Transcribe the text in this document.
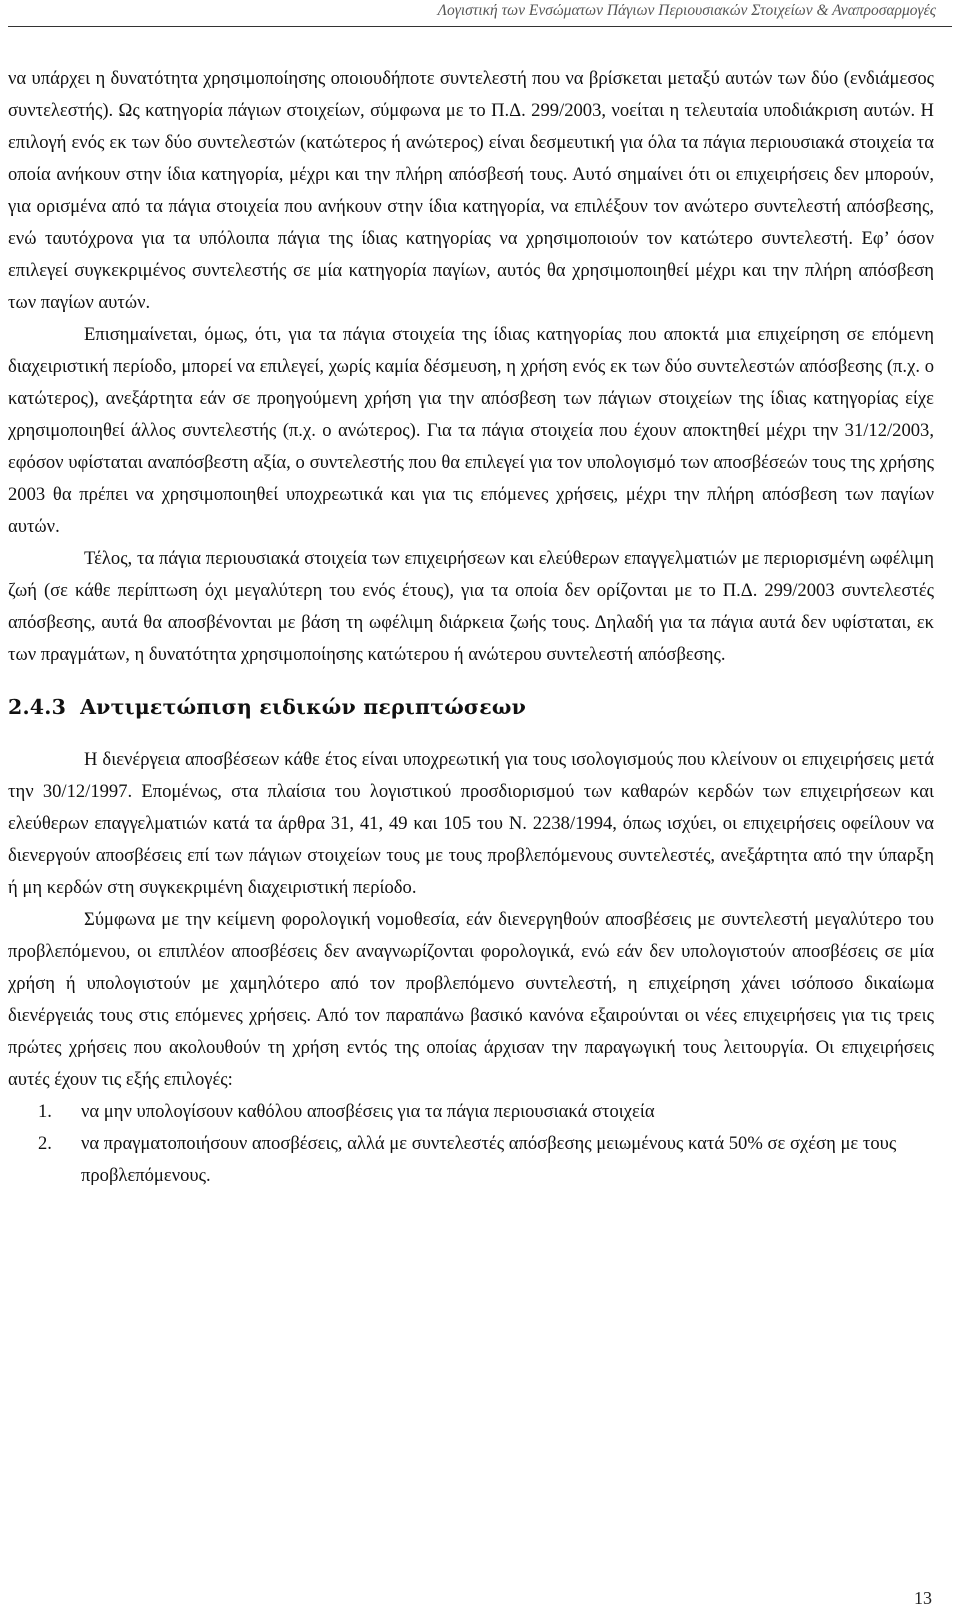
Λογιστική των Ενσώματων Πάγιων Περιουσιακών Στοιχείων & Αναπροσαρμογές

να υπάρχει η δυνατότητα χρησιμοποίησης οποιουδήποτε συντελεστή που να βρίσκεται μεταξύ αυτών των δύο (ενδιάμεσος συντελεστής). Ως κατηγορία πάγιων στοιχείων, σύμφωνα με το Π.Δ. 299/2003, νοείται η τελευταία υποδιάκριση αυτών. Η επιλογή ενός εκ των δύο συντελεστών (κατώτερος ή ανώτερος) είναι δεσμευτική για όλα τα πάγια περιουσιακά στοιχεία τα οποία ανήκουν στην ίδια κατηγορία, μέχρι και την πλήρη απόσβεσή τους. Αυτό σημαίνει ότι οι επιχειρήσεις δεν μπορούν, για ορισμένα από τα πάγια στοιχεία που ανήκουν στην ίδια κατηγορία, να επιλέξουν τον ανώτερο συντελεστή απόσβεσης, ενώ ταυτόχρονα για τα υπόλοιπα πάγια της ίδιας κατηγορίας να χρησιμοποιούν τον κατώτερο συντελεστή. Εφ’ όσον επιλεγεί συγκεκριμένος συντελεστής σε μία κατηγορία παγίων, αυτός θα χρησιμοποιηθεί μέχρι και την πλήρη απόσβεση των παγίων αυτών.

Επισημαίνεται, όμως, ότι, για τα πάγια στοιχεία της ίδιας κατηγορίας που αποκτά μια επιχείρηση σε επόμενη διαχειριστική περίοδο, μπορεί να επιλεγεί, χωρίς καμία δέσμευση, η χρήση ενός εκ των δύο συντελεστών απόσβεσης (π.χ. ο κατώτερος), ανεξάρτητα εάν σε προηγούμενη χρήση για την απόσβεση των πάγιων στοιχείων της ίδιας κατηγορίας είχε χρησιμοποιηθεί άλλος συντελεστής (π.χ. ο ανώτερος). Για τα πάγια στοιχεία που έχουν αποκτηθεί μέχρι την 31/12/2003, εφόσον υφίσταται αναπόσβεστη αξία, ο συντελεστής που θα επιλεγεί για τον υπολογισμό των αποσβέσεών τους της χρήσης 2003 θα πρέπει να χρησιμοποιηθεί υποχρεωτικά και για τις επόμενες χρήσεις, μέχρι την πλήρη απόσβεση των παγίων αυτών.

Τέλος, τα πάγια περιουσιακά στοιχεία των επιχειρήσεων και ελεύθερων επαγγελματιών με περιορισμένη ωφέλιμη ζωή (σε κάθε περίπτωση όχι μεγαλύτερη του ενός έτους), για τα οποία δεν ορίζονται με το Π.Δ. 299/2003 συντελεστές απόσβεσης, αυτά θα αποσβένονται με βάση τη ωφέλιμη διάρκεια ζωής τους. Δηλαδή για τα πάγια αυτά δεν υφίσταται, εκ των πραγμάτων, η δυνατότητα χρησιμοποίησης κατώτερου ή ανώτερου συντελεστή απόσβεσης.

2.4.3 Αντιμετώπιση ειδικών περιπτώσεων

Η διενέργεια αποσβέσεων κάθε έτος είναι υποχρεωτική για τους ισολογισμούς που κλείνουν οι επιχειρήσεις μετά την 30/12/1997. Επομένως, στα πλαίσια του λογιστικού προσδιορισμού των καθαρών κερδών των επιχειρήσεων και ελεύθερων επαγγελματιών κατά τα άρθρα 31, 41, 49 και 105 του Ν. 2238/1994, όπως ισχύει, οι επιχειρήσεις οφείλουν να διενεργούν αποσβέσεις επί των πάγιων στοιχείων τους με τους προβλεπόμενους συντελεστές, ανεξάρτητα από την ύπαρξη ή μη κερδών στη συγκεκριμένη διαχειριστική περίοδο.

Σύμφωνα με την κείμενη φορολογική νομοθεσία, εάν διενεργηθούν αποσβέσεις με συντελεστή μεγαλύτερο του προβλεπόμενου, οι επιπλέον αποσβέσεις δεν αναγνωρίζονται φορολογικά, ενώ εάν δεν υπολογιστούν αποσβέσεις σε μία χρήση ή υπολογιστούν με χαμηλότερο από τον προβλεπόμενο συντελεστή, η επιχείρηση χάνει ισόποσο δικαίωμα διενέργειάς τους στις επόμενες χρήσεις. Από τον παραπάνω βασικό κανόνα εξαιρούνται οι νέες επιχειρήσεις για τις τρεις πρώτες χρήσεις που ακολουθούν τη χρήση εντός της οποίας άρχισαν την παραγωγική τους λειτουργία. Οι επιχειρήσεις αυτές έχουν τις εξής επιλογές:

1. να μην υπολογίσουν καθόλου αποσβέσεις για τα πάγια περιουσιακά στοιχεία
2. να πραγματοποιήσουν αποσβέσεις, αλλά με συντελεστές απόσβεσης μειωμένους κατά 50% σε σχέση με τους προβλεπόμενους.
13
